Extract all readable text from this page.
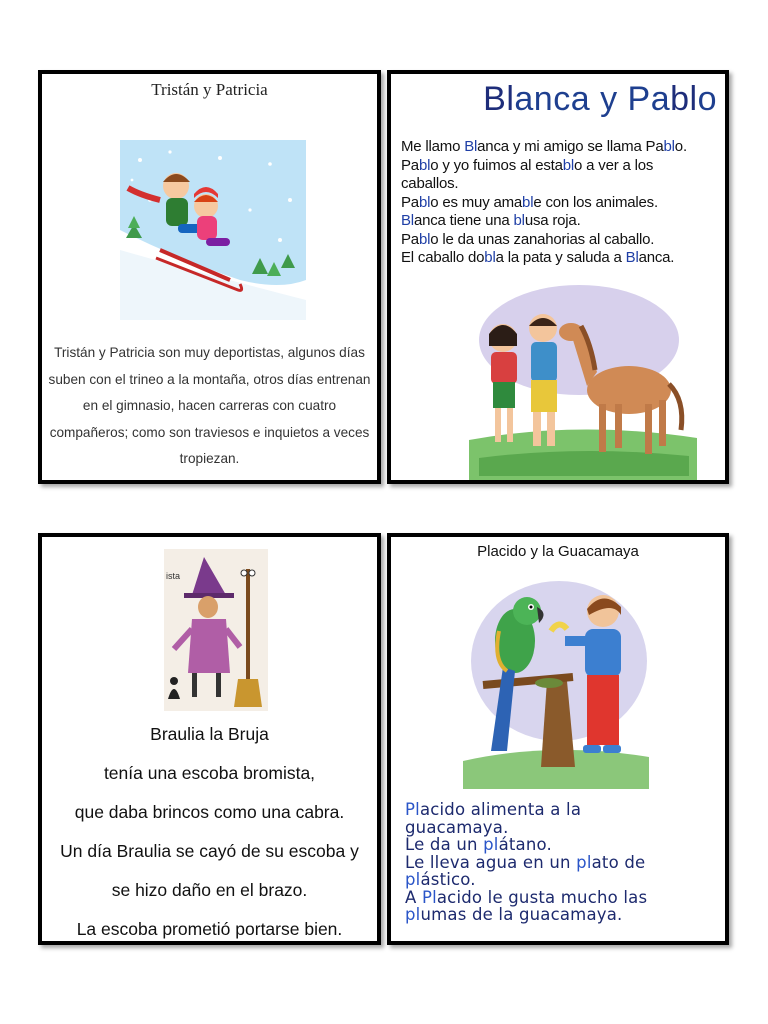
Tristán y Patricia
Tristán y Patricia son muy deportistas, algunos días suben con el trineo a la montaña, otros días entrenan en el gimnasio, hacen carreras con cuatro compañeros; como son traviesos e inquietos a veces tropiezan.
Blanca y Pablo
Me llamo Blanca y mi amigo se llama Pablo.
Pablo y yo fuimos al establo a ver a los
caballos.
Pablo es muy amable con los animales.
Blanca tiene una blusa roja.
Pablo le da unas zanahorias al caballo.
El caballo dobla la pata y saluda a Blanca.
ista
Braulia la Bruja
tenía una escoba bromista,
que daba brincos como una cabra.
Un día Braulia se cayó de su escoba y
se hizo daño en el brazo.
La escoba prometió portarse bien.
Placido y la Guacamaya
Placido alimenta a la
guacamaya.
Le da un plátano.
Le lleva agua en un plato de
plástico.
A Placido le gusta mucho las
plumas de la guacamaya.
